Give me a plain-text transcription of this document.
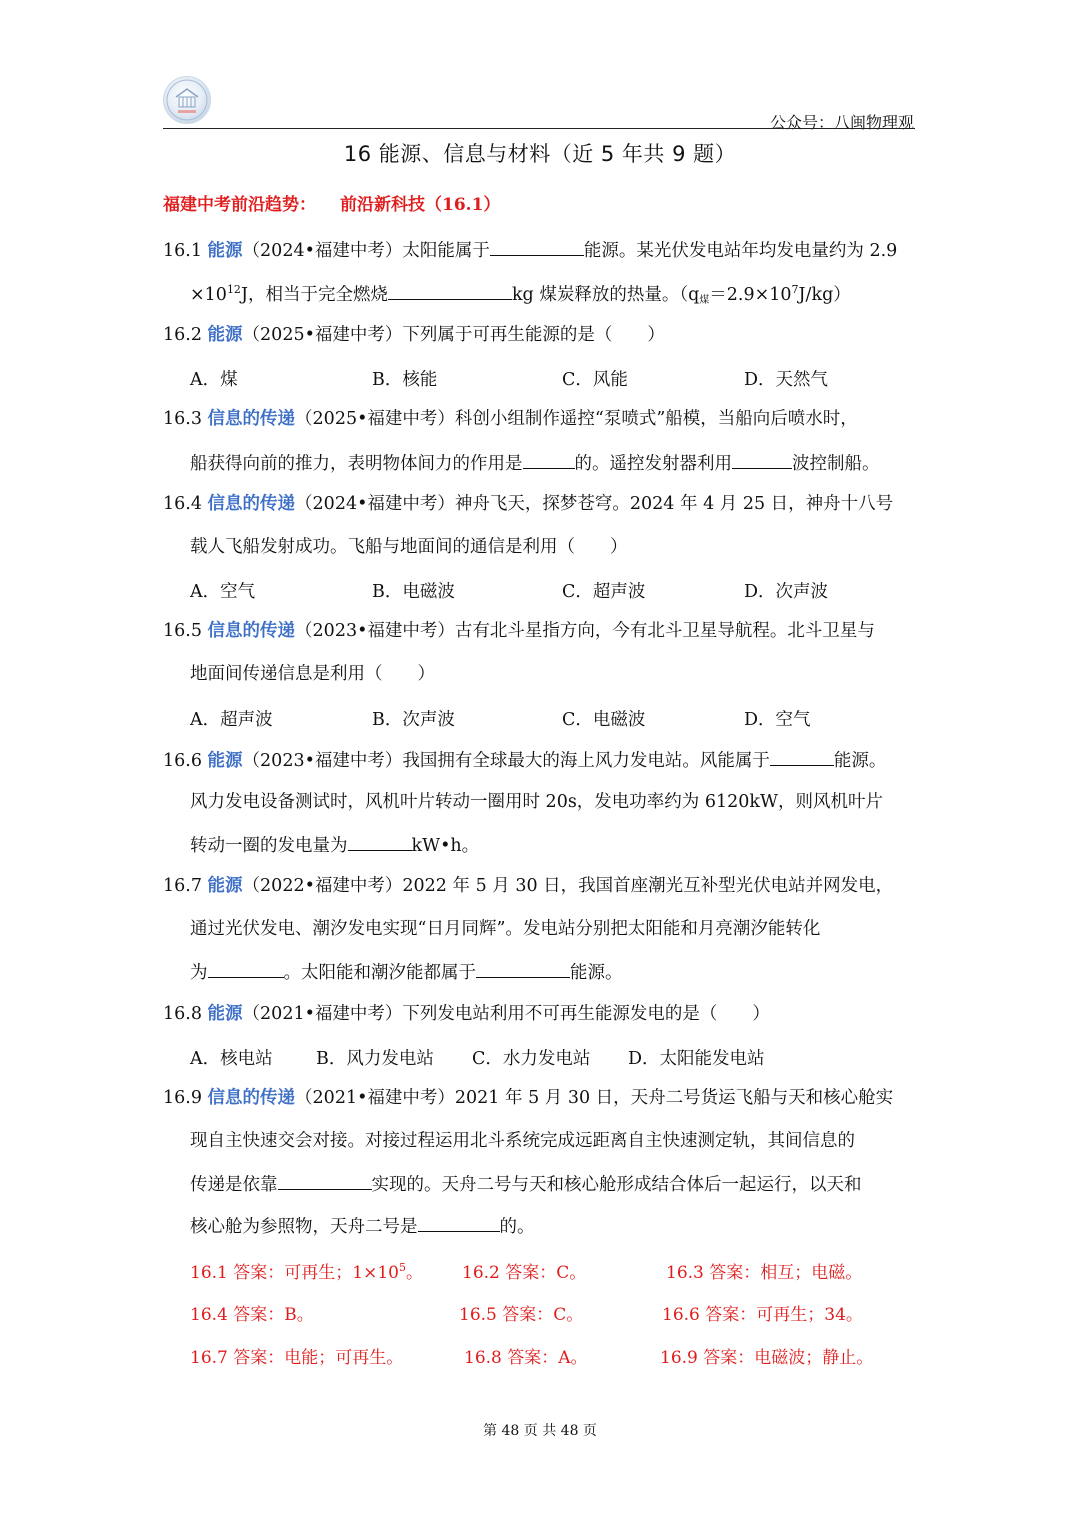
公众号：八闽物理观
16 能源、信息与材料（近 5 年共 9 题）
福建中考前沿趋势： 前沿新科技（16.1）
16.1 能源（2024•福建中考）太阳能属于	能源。某光伏发电站年均发电量约为 2.9
$\times 10^{12}J$，相当于完全燃烧	kg 煤炭释放的热量。$(q_煤=2.9\times 10^7J/kg)$
16.2 能源（2025•福建中考）下列属于可再生能源的是（　　）
A．煤	B．核能	C．风能	D．天然气
16.3 信息的传递（2025•福建中考）科创小组制作遥控“泵喷式”船模，当船向后喷水时，
船获得向前的推力，表明物体间力的作用是	的。遥控发射器利用	波控制船。
16.4 信息的传递（2024•福建中考）神舟飞天，探梦苍穹。2024 年 4 月 25 日，神舟十八号
载人飞船发射成功。飞船与地面间的通信是利用（　　）
A．空气	B．电磁波	C．超声波	D．次声波
16.5 信息的传递（2023•福建中考）古有北斗星指方向，今有北斗卫星导航程。北斗卫星与
地面间传递信息是利用（　　）
A．超声波	B．次声波	C．电磁波	D．空气
16.6 能源（2023•福建中考）我国拥有全球最大的海上风力发电站。风能属于	能源。
风力发电设备测试时，风机叶片转动一圈用时 20s，发电功率约为 6120kW，则风机叶片
转动一圈的发电量为	kW•h。
16.7 能源（2022•福建中考）2022 年 5 月 30 日，我国首座潮光互补型光伏电站并网发电，
通过光伏发电、潮汐发电实现“日月同辉”。发电站分别把太阳能和月亮潮汐能转化
为	。太阳能和潮汐能都属于	能源。
16.8 能源（2021•福建中考）下列发电站利用不可再生能源发电的是（　　）
A．核电站 B．风力发电站 C．水力发电站 D．太阳能发电站
16.9 信息的传递（2021•福建中考）2021 年 5 月 30 日，天舟二号货运飞船与天和核心舱实
现自主快速交会对接。对接过程运用北斗系统完成远距离自主快速测定轨，其间信息的
传递是依靠	实现的。天舟二号与天和核心舱形成结合体后一起运行，以天和
核心舱为参照物，天舟二号是	的。
16.1 答案：可再生；$1\times 10^5$。 16.2 答案：C。	16.3 答案：相互；电磁。
16.4 答案：B。	16.5 答案：C。	16.6 答案：可再生；34。
16.7 答案：电能；可再生。	16.8 答案：A。	16.9 答案：电磁波；静止。
第 48 页 共 48 页
